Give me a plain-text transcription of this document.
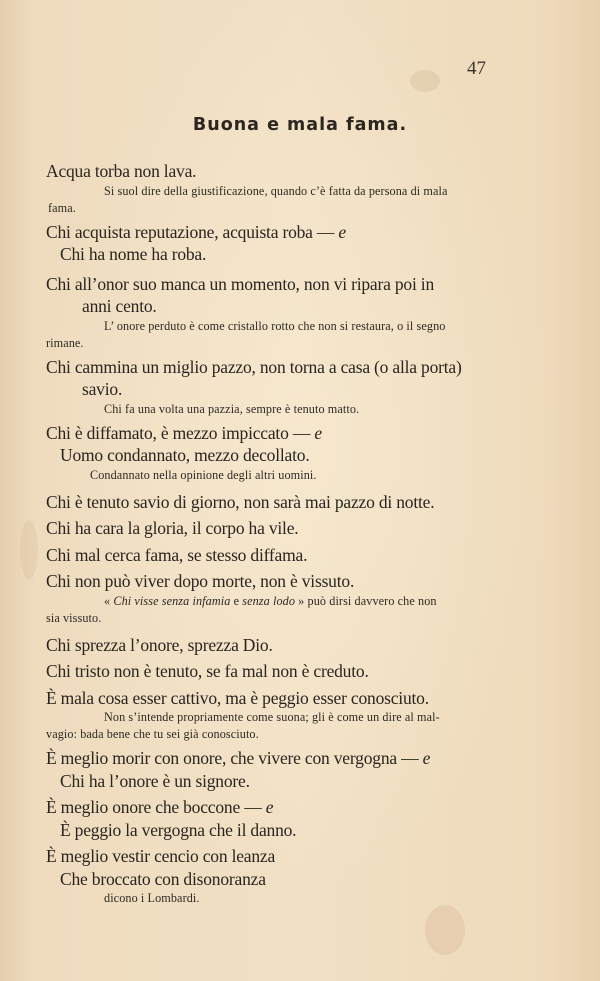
47
Buona e mala fama.
Acqua torba non lava.
Si suol dire della giustificazione, quando c’è fatta da persona di mala
fama.
Chi acquista reputazione, acquista roba — e
Chi ha nome ha roba.
Chi all’onor suo manca un momento, non vi ripara poi in
anni cento.
L’ onore perduto è come cristallo rotto che non si restaura, o il segno
rimane.
Chi cammina un miglio pazzo, non torna a casa (o alla porta)
savio.
Chi fa una volta una pazzia, sempre è tenuto matto.
Chi è diffamato, è mezzo impiccato — e
Uomo condannato, mezzo decollato.
Condannato nella opinione degli altri uomini.
Chi è tenuto savio di giorno, non sarà mai pazzo di notte.
Chi ha cara la gloria, il corpo ha vile.
Chi mal cerca fama, se stesso diffama.
Chi non può viver dopo morte, non è vissuto.
« Chi visse senza infamia e senza lodo » può dirsi davvero che non
sia vissuto.
Chi sprezza l’onore, sprezza Dio.
Chi tristo non è tenuto, se fa mal non è creduto.
È mala cosa esser cattivo, ma è peggio esser conosciuto.
Non s’intende propriamente come suona; gli è come un dire al mal-
vagio: bada bene che tu sei già conosciuto.
È meglio morir con onore, che vivere con vergogna — e
Chi ha l’onore è un signore.
È meglio onore che boccone — e
È peggio la vergogna che il danno.
È meglio vestir cencio con leanza
Che broccato con disonoranza
dicono i Lombardi.
